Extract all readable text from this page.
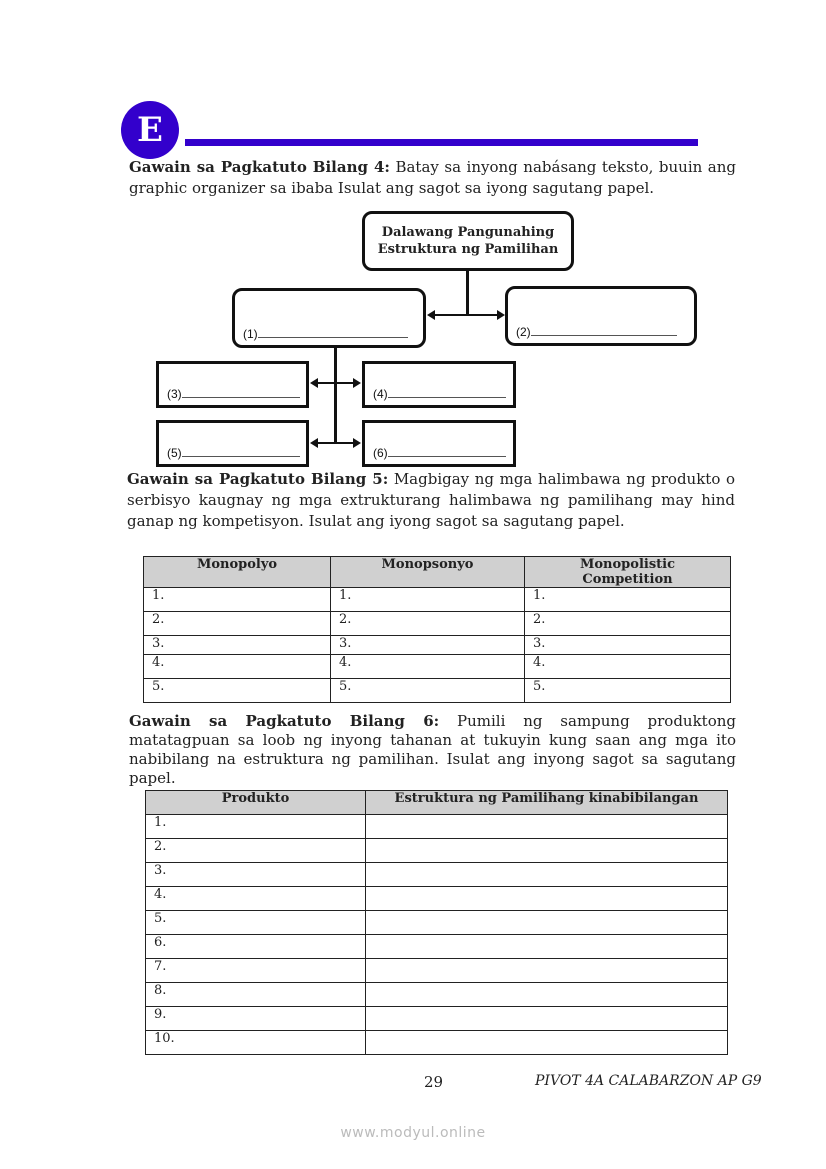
E
Gawain sa Pagkatuto Bilang 4: Batay sa inyong nabásang teksto, buuin ang graphic organizer sa ibaba Isulat ang sagot sa iyong sagutang papel.
Dalawang Pangunahing
Estruktura ng Pamilihan
(1)	(2)
(3)	(4)
(5)	(6)
Gawain sa Pagkatuto Bilang 5: Magbigay ng mga halimbawa ng produkto o serbisyo kaugnay ng mga extrukturang halimbawa ng pamilihang may hind ganap ng kompetisyon. Isulat ang iyong sagot sa sagutang papel.
Monopolyo	Monopsonyo	Monopolistic Competition
1.	1.	1.
2.	2.	2.
3.	3.	3.
4.	4.	4.
5.	5.	5.
Gawain sa Pagkatuto Bilang 6: Pumili ng sampung produktong matatagpuan sa loob ng inyong tahanan at tukuyin kung saan ang mga ito nabibilang na estruktura ng pamilihan. Isulat ang inyong sagot sa sagutang papel.
Produkto	Estruktura ng Pamilihang kinabibilangan
1.	
2.	
3.	
4.	
5.	
6.	
7.	
8.	
9.	
10.	
29	PIVOT 4A CALABARZON AP G9
www.modyul.online
